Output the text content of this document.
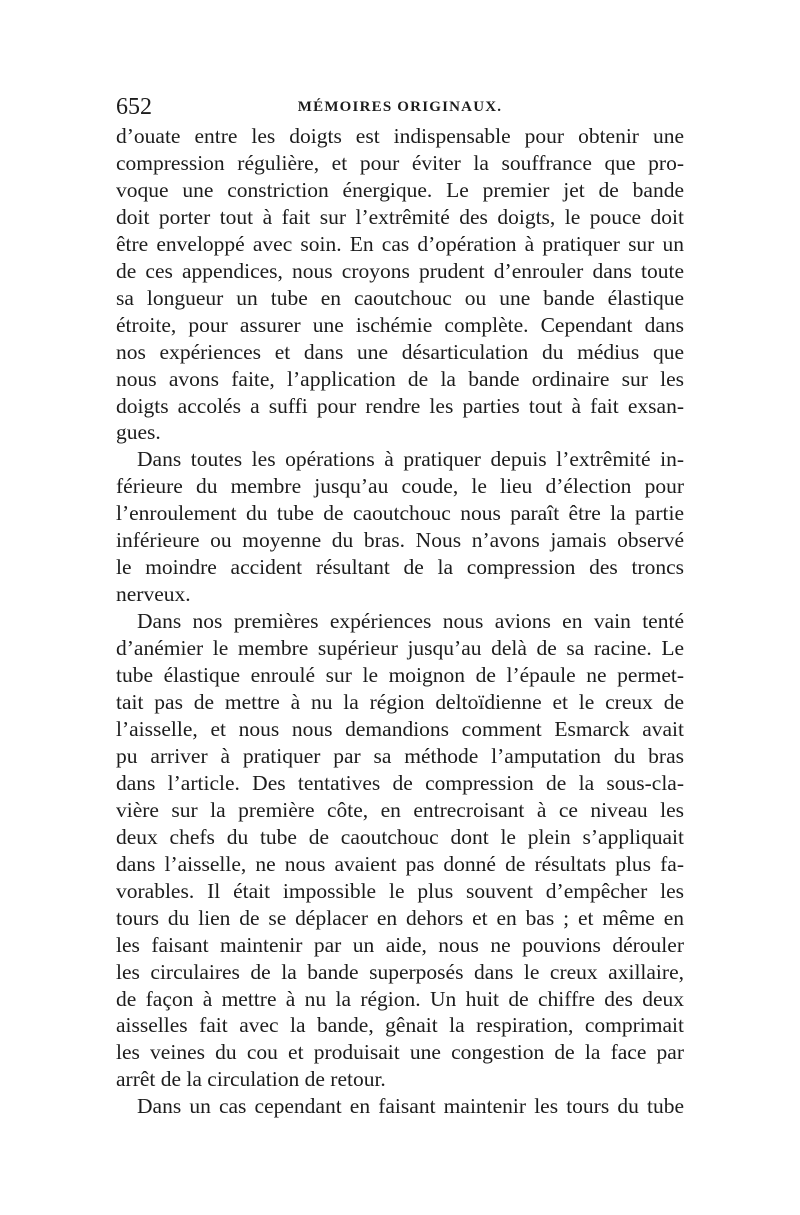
652	MÉMOIRES ORIGINAUX.
d’ouate entre les doigts est indispensable pour obtenir une
compression régulière, et pour éviter la souffrance que pro-
voque une constriction énergique. Le premier jet de bande
doit porter tout à fait sur l’extrêmité des doigts, le pouce doit
être enveloppé avec soin. En cas d’opération à pratiquer sur un
de ces appendices, nous croyons prudent d’enrouler dans toute
sa longueur un tube en caoutchouc ou une bande élastique
étroite, pour assurer une ischémie complète. Cependant dans
nos expériences et dans une désarticulation du médius que
nous avons faite, l’application de la bande ordinaire sur les
doigts accolés a suffi pour rendre les parties tout à fait exsan-
gues.
Dans toutes les opérations à pratiquer depuis l’extrêmité in-
férieure du membre jusqu’au coude, le lieu d’élection pour
l’enroulement du tube de caoutchouc nous paraît être la partie
inférieure ou moyenne du bras. Nous n’avons jamais observé
le moindre accident résultant de la compression des troncs
nerveux.
Dans nos premières expériences nous avions en vain tenté
d’anémier le membre supérieur jusqu’au delà de sa racine. Le
tube élastique enroulé sur le moignon de l’épaule ne permet-
tait pas de mettre à nu la région deltoïdienne et le creux de
l’aisselle, et nous nous demandions comment Esmarck avait
pu arriver à pratiquer par sa méthode l’amputation du bras
dans l’article. Des tentatives de compression de la sous-cla-
vière sur la première côte, en entrecroisant à ce niveau les
deux chefs du tube de caoutchouc dont le plein s’appliquait
dans l’aisselle, ne nous avaient pas donné de résultats plus fa-
vorables. Il était impossible le plus souvent d’empêcher les
tours du lien de se déplacer en dehors et en bas ; et même en
les faisant maintenir par un aide, nous ne pouvions dérouler
les circulaires de la bande superposés dans le creux axillaire,
de façon à mettre à nu la région. Un huit de chiffre des deux
aisselles fait avec la bande, gênait la respiration, comprimait
les veines du cou et produisait une congestion de la face par
arrêt de la circulation de retour.
Dans un cas cependant en faisant maintenir les tours du tube
